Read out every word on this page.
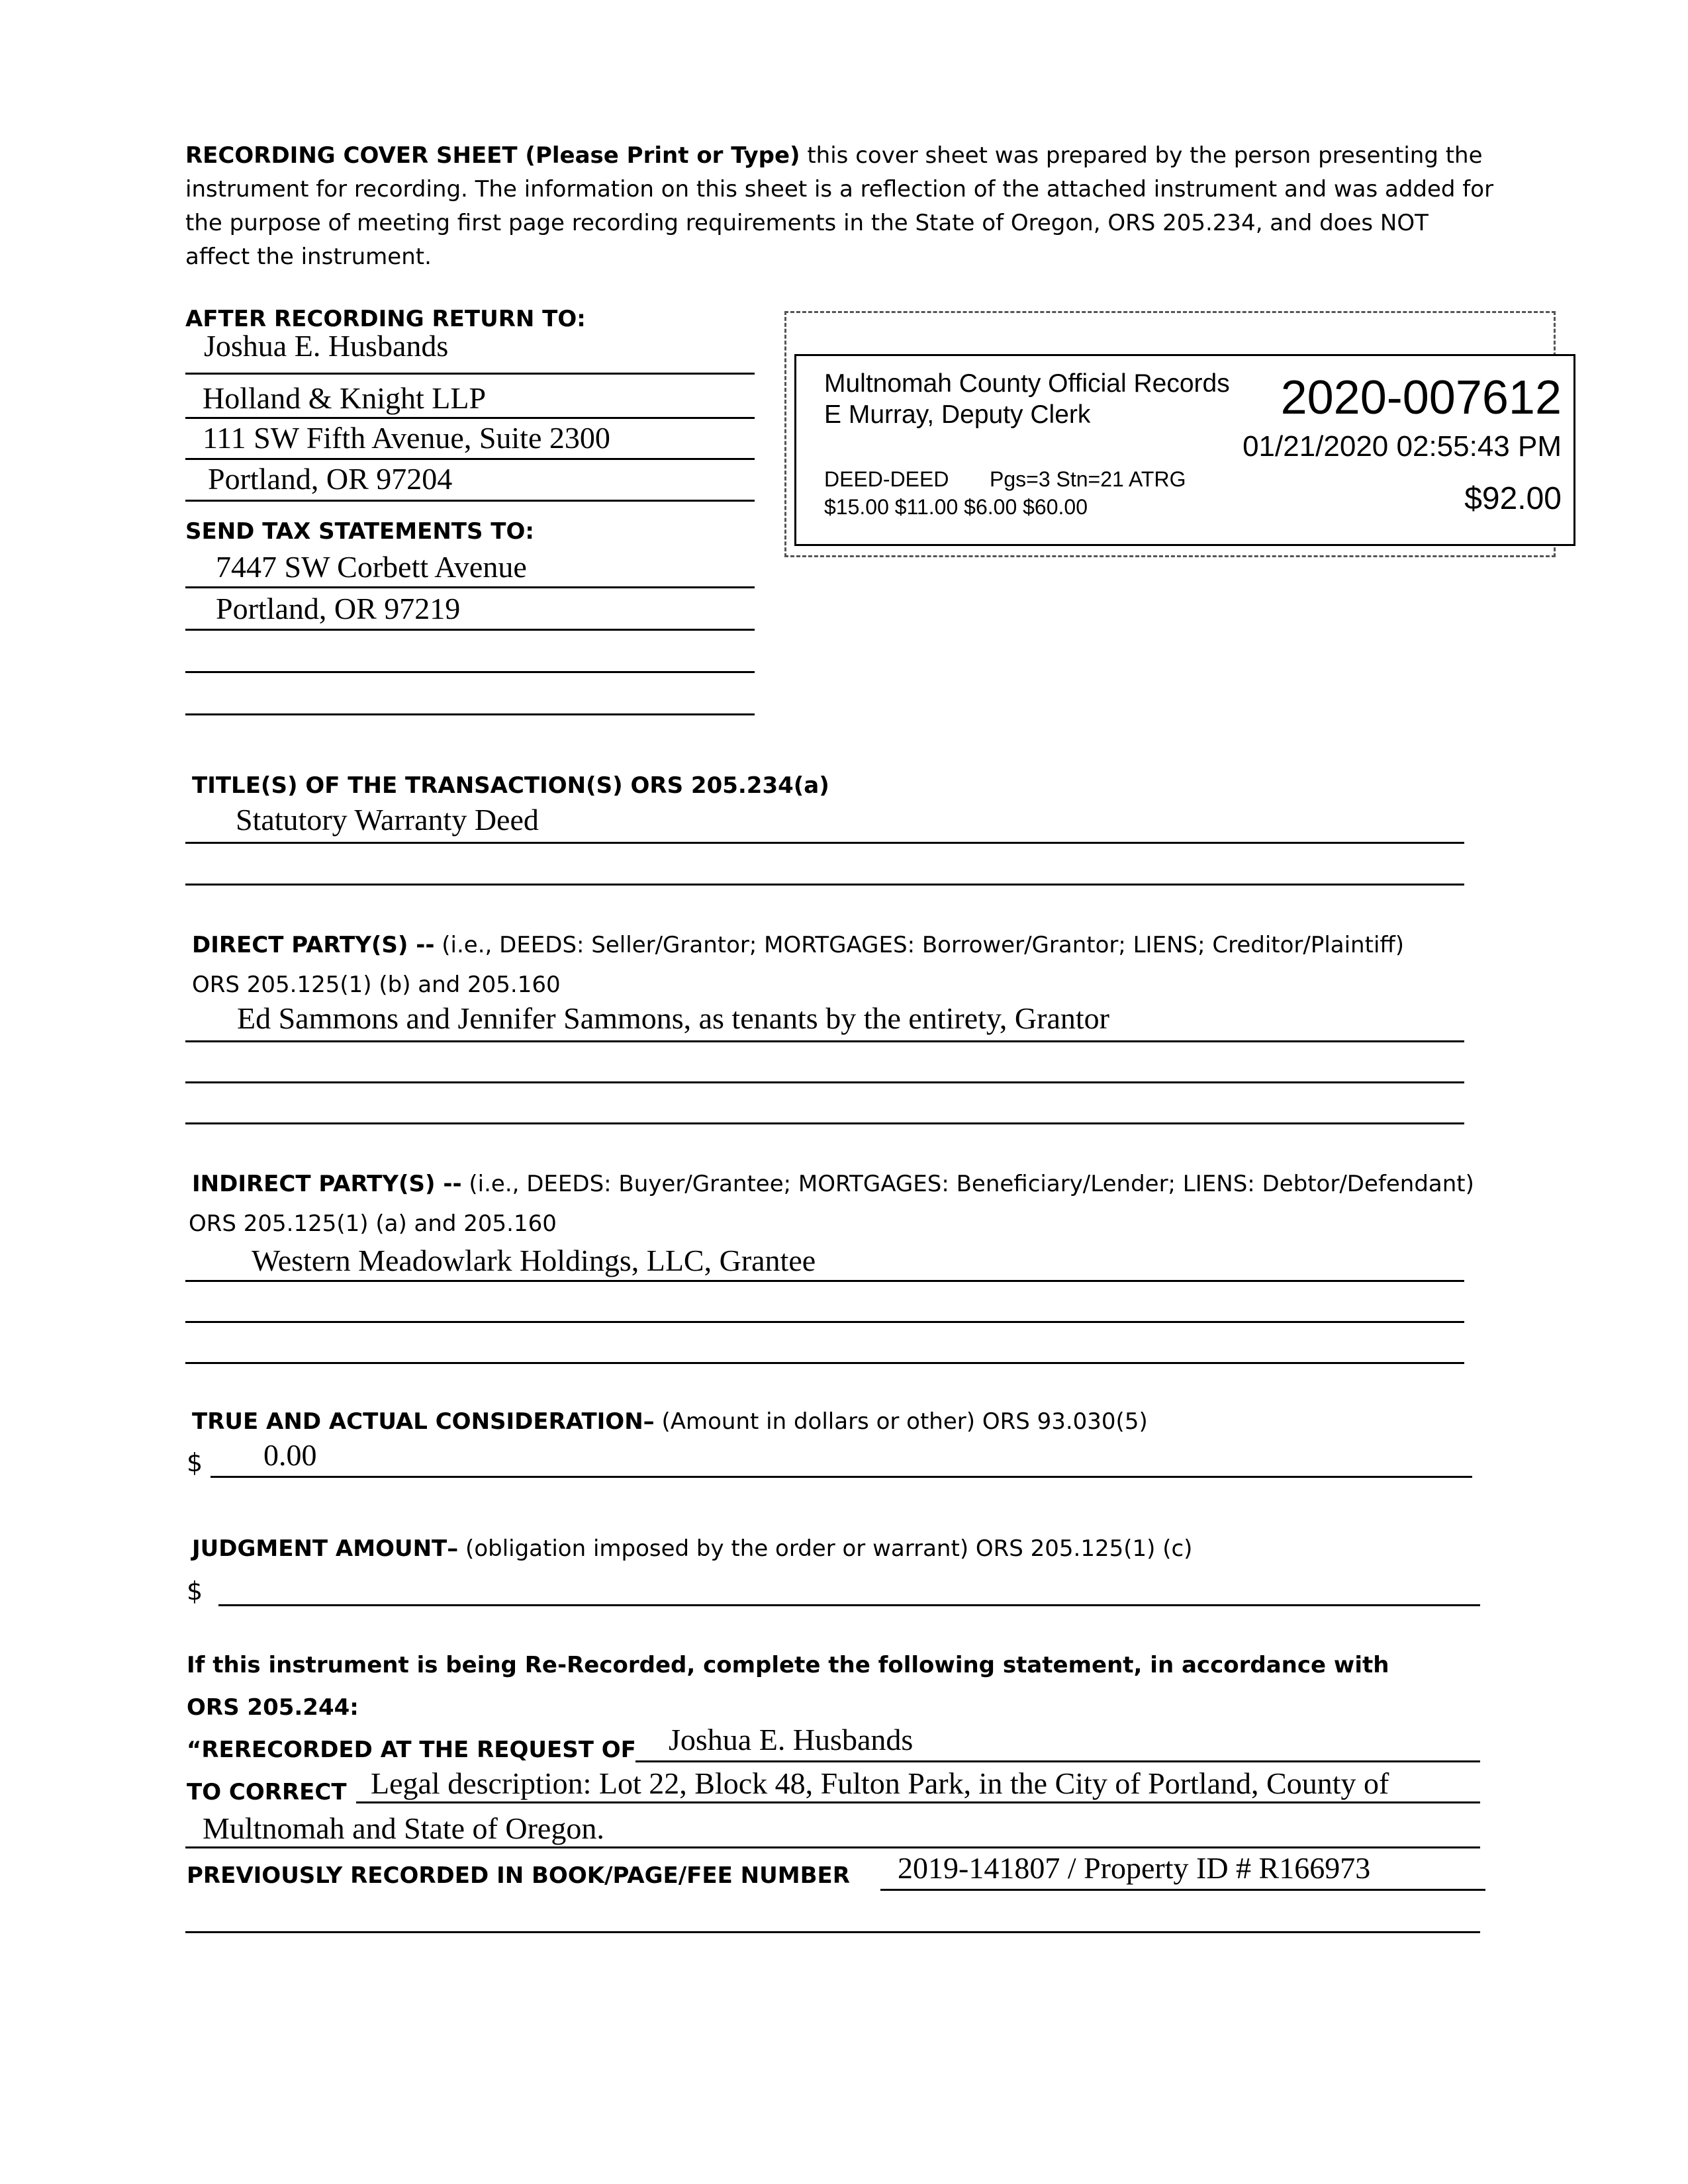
RECORDING COVER SHEET (Please Print or Type) this cover sheet was prepared by the person presenting the instrument for recording. The information on this sheet is a reflection of the attached instrument and was added for the purpose of meeting first page recording requirements in the State of Oregon, ORS 205.234, and does NOT affect the instrument.
AFTER RECORDING RETURN TO:
Joshua E. Husbands
Holland & Knight LLP
111 SW Fifth Avenue, Suite 2300
Portland, OR 97204
SEND TAX STATEMENTS TO:
7447 SW Corbett Avenue
Portland, OR 97219
Multnomah County Official Records
E Murray, Deputy Clerk	2020-007612
01/21/2020 02:55:43 PM
DEED-DEED Pgs=3 Stn=21 ATRG
$15.00 $11.00 $6.00 $60.00	$92.00
TITLE(S) OF THE TRANSACTION(S) ORS 205.234(a)
Statutory Warranty Deed
DIRECT PARTY(S) -- (i.e., DEEDS: Seller/Grantor; MORTGAGES: Borrower/Grantor; LIENS; Creditor/Plaintiff)
ORS 205.125(1) (b) and 205.160
Ed Sammons and Jennifer Sammons, as tenants by the entirety, Grantor
INDIRECT PARTY(S) -- (i.e., DEEDS: Buyer/Grantee; MORTGAGES: Beneficiary/Lender; LIENS: Debtor/Defendant)
ORS 205.125(1) (a) and 205.160
Western Meadowlark Holdings, LLC, Grantee
TRUE AND ACTUAL CONSIDERATION– (Amount in dollars or other) ORS 93.030(5)
$ 0.00
JUDGMENT AMOUNT– (obligation imposed by the order or warrant) ORS 205.125(1) (c)
$
If this instrument is being Re-Recorded, complete the following statement, in accordance with
ORS 205.244:
“RERECORDED AT THE REQUEST OF Joshua E. Husbands
TO CORRECT Legal description: Lot 22, Block 48, Fulton Park, in the City of Portland, County of
Multnomah and State of Oregon.
PREVIOUSLY RECORDED IN BOOK/PAGE/FEE NUMBER 2019-141807 / Property ID # R166973
